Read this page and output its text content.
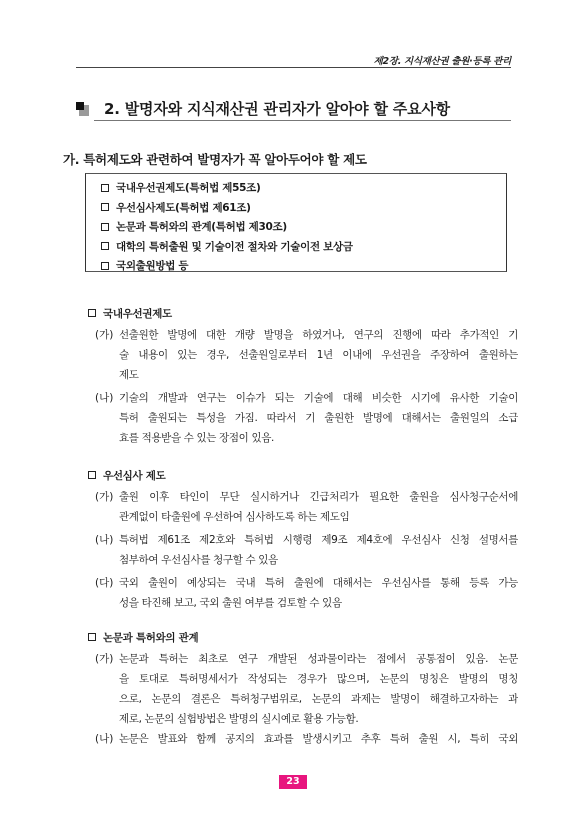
제2장. 지식재산권 출원·등록 관리
2. 발명자와 지식재산권 관리자가 알아야 할 주요사항
가. 특허제도와 관련하여 발명자가 꼭 알아두어야 할 제도
국내우선권제도(특허법 제55조)
우선심사제도(특허법 제61조)
논문과 특허와의 관계(특허법 제30조)
대학의 특허출원 및 기술이전 절차와 기술이전 보상금
국외출원방법 등
국내우선권제도
(가) 선출원한 발명에 대한 개량 발명을 하였거나, 연구의 진행에 따라 추가적인 기
술 내용이 있는 경우, 선출원일로부터 1년 이내에 우선권을 주장하여 출원하는
제도
(나) 기술의 개발과 연구는 이슈가 되는 기술에 대해 비슷한 시기에 유사한 기술이
특허 출원되는 특성을 가짐. 따라서 기 출원한 발명에 대해서는 출원일의 소급
효를 적용받을 수 있는 장점이 있음.
우선심사 제도
(가) 출원 이후 타인이 무단 실시하거나 긴급처리가 필요한 출원을 심사청구순서에
관계없이 타출원에 우선하여 심사하도록 하는 제도임
(나) 특허법 제61조 제2호와 특허법 시행령 제9조 제4호에 우선심사 신청 설명서를
첨부하여 우선심사를 청구할 수 있음
(다) 국외 출원이 예상되는 국내 특허 출원에 대해서는 우선심사를 통해 등록 가능
성을 타진해 보고, 국외 출원 여부를 검토할 수 있음
논문과 특허와의 관계
(가) 논문과 특허는 최초로 연구 개발된 성과물이라는 점에서 공통점이 있음. 논문
을 토대로 특허명세서가 작성되는 경우가 많으며, 논문의 명칭은 발명의 명칭
으로, 논문의 결론은 특허청구범위로, 논문의 과제는 발명이 해결하고자하는 과
제로, 논문의 실험방법은 발명의 실시예로 활용 가능함.
(나) 논문은 발표와 함께 공지의 효과를 발생시키고 추후 특허 출원 시, 특히 국외
23
